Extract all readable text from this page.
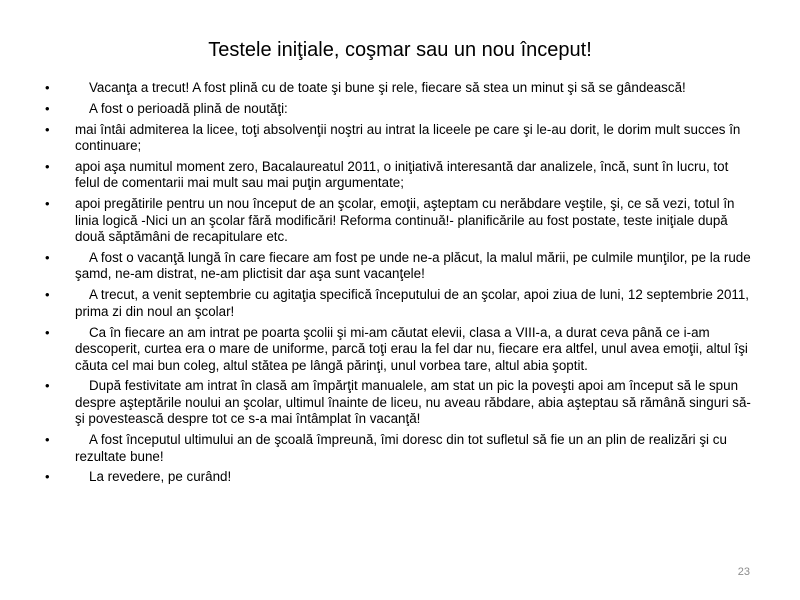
Testele iniţiale, coşmar sau un nou început!
•	Vacanţa a trecut! A fost plină cu de toate şi bune şi rele, fiecare să stea un minut şi să se gândească!
•	A fost o perioadă plină de noutăţi:
• mai întâi admiterea la licee, toţi absolvenţii noştri au intrat la liceele pe care şi le-au dorit, le dorim mult succes în continuare;
• apoi aşa numitul moment zero, Bacalaureatul 2011, o iniţiativă interesantă dar analizele, încă, sunt în lucru, tot felul de comentarii mai mult sau mai puţin argumentate;
• apoi pregătirile pentru un nou început de an şcolar, emoţii, aşteptam cu nerăbdare veştile, şi, ce să vezi, totul în linia logică -Nici un an şcolar fără modificări! Reforma continuă!- planificările au fost postate, teste iniţiale după două săptămâni de recapitulare etc.
•	A fost o vacanţă lungă în care fiecare am fost pe unde ne-a plăcut, la malul mării, pe culmile munţilor, pe la rude şamd, ne-am distrat, ne-am plictisit dar aşa sunt vacanţele!
•	A trecut, a venit septembrie cu agitaţia specifică începutului de an şcolar, apoi ziua de luni, 12 septembrie 2011, prima zi din noul an şcolar!
•	Ca în fiecare an am intrat pe poarta şcolii şi mi-am căutat elevii, clasa a VIII-a, a durat ceva până ce i-am descoperit, curtea era o mare de uniforme, parcă toţi erau la fel dar nu, fiecare era altfel, unul avea emoţii, altul îşi căuta cel mai bun coleg, altul stătea pe lângă părinţi, unul vorbea tare, altul abia şoptit.
•	După festivitate am intrat în clasă am împărţit manualele, am stat un pic la poveşti apoi am început să le spun despre aşteptările noului an şcolar, ultimul înainte de liceu, nu aveau răbdare, abia aşteptau să rămână singuri să-şi povestească despre tot ce s-a mai întâmplat în vacanţă!
•	A fost începutul ultimului an de şcoală împreună, îmi doresc din tot sufletul să fie un an plin de realizări şi cu rezultate bune!
•	La revedere, pe curând!
23
